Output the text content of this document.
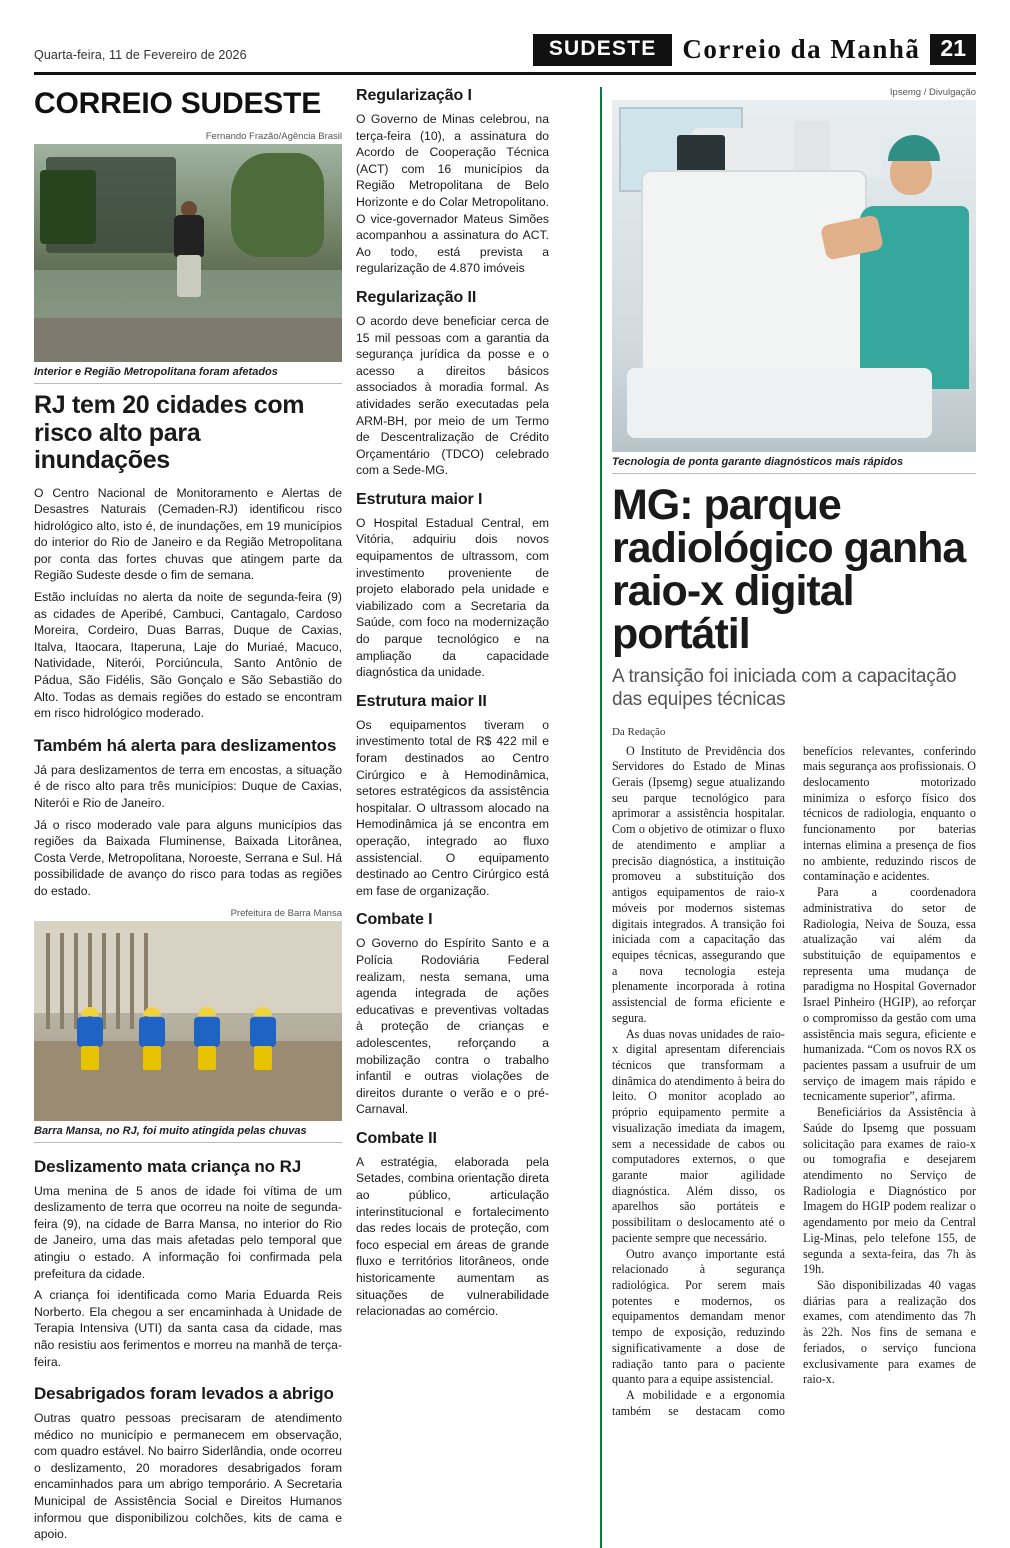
Quarta-feira, 11 de Fevereiro de 2026	SUDESTE Correio da Manhã 21
CORREIO SUDESTE
Fernando Frazão/Agência Brasil
Interior e Região Metropolitana foram afetados
RJ tem 20 cidades com risco alto para inundações

O Centro Nacional de Monitoramento e Alertas de Desastres Naturais (Cemaden-RJ) identificou risco hidrológico alto, isto é, de inundações, em 19 municípios do interior do Rio de Janeiro e da Região Metropolitana por conta das fortes chuvas que atingem parte da Região Sudeste desde o fim de semana.

Estão incluídas no alerta da noite de segunda-feira (9) as cidades de Aperibé, Cambuci, Cantagalo, Cardoso Moreira, Cordeiro, Duas Barras, Duque de Caxias, Italva, Itaocara, Itaperuna, Laje do Muriaé, Macuco, Natividade, Niterói, Porciúncula, Santo Antônio de Pádua, São Fidélis, São Gonçalo e São Sebastião do Alto. Todas as demais regiões do estado se encontram em risco hidrológico moderado.

Também há alerta para deslizamentos

Já para deslizamentos de terra em encostas, a situação é de risco alto para três municípios: Duque de Caxias, Niterói e Rio de Janeiro.

Já o risco moderado vale para alguns municípios das regiões da Baixada Fluminense, Baixada Litorânea, Costa Verde, Metropolitana, Noroeste, Serrana e Sul. Há possibilidade de avanço do risco para todas as regiões do estado.

Prefeitura de Barra Mansa
Barra Mansa, no RJ, foi muito atingida pelas chuvas
Deslizamento mata criança no RJ

Uma menina de 5 anos de idade foi vítima de um deslizamento de terra que ocorreu na noite de segunda-feira (9), na cidade de Barra Mansa, no interior do Rio de Janeiro, uma das mais afetadas pelo temporal que atingiu o estado. A informação foi confirmada pela prefeitura da cidade.

A criança foi identificada como Maria Eduarda Reis Norberto. Ela chegou a ser encaminhada à Unidade de Terapia Intensiva (UTI) da santa casa da cidade, mas não resistiu aos ferimentos e morreu na manhã de terça-feira.

Desabrigados foram levados a abrigo

Outras quatro pessoas precisaram de atendimento médico no município e permanecem em observação, com quadro estável. No bairro Siderlândia, onde ocorreu o deslizamento, 20 moradores desabrigados foram encaminhados para um abrigo temporário. A Secretaria Municipal de Assistência Social e Direitos Humanos informou que disponibilizou colchões, kits de cama e apoio.

Regularização I

O Governo de Minas celebrou, na terça-feira (10), a assinatura do Acordo de Cooperação Técnica (ACT) com 16 municípios da Região Metropolitana de Belo Horizonte e do Colar Metropolitano. O vice-governador Mateus Simões acompanhou a assinatura do ACT. Ao todo, está prevista a regularização de 4.870 imóveis

Regularização II

O acordo deve beneficiar cerca de 15 mil pessoas com a garantia da segurança jurídica da posse e o acesso a direitos básicos associados à moradia formal. As atividades serão executadas pela ARM-BH, por meio de um Termo de Descentralização de Crédito Orçamentário (TDCO) celebrado com a Sede-MG.

Estrutura maior I

O Hospital Estadual Central, em Vitória, adquiriu dois novos equipamentos de ultrassom, com investimento proveniente de projeto elaborado pela unidade e viabilizado com a Secretaria da Saúde, com foco na modernização do parque tecnológico e na ampliação da capacidade diagnóstica da unidade.

Estrutura maior II

Os equipamentos tiveram o investimento total de R$ 422 mil e foram destinados ao Centro Cirúrgico e à Hemodinâmica, setores estratégicos da assistência hospitalar. O ultrassom alocado na Hemodinâmica já se encontra em operação, integrado ao fluxo assistencial. O equipamento destinado ao Centro Cirúrgico está em fase de organização.

Combate I

O Governo do Espírito Santo e a Polícia Rodoviária Federal realizam, nesta semana, uma agenda integrada de ações educativas e preventivas voltadas à proteção de crianças e adolescentes, reforçando a mobilização contra o trabalho infantil e outras violações de direitos durante o verão e o pré-Carnaval.

Combate II

A estratégia, elaborada pela Setades, combina orientação direta ao público, articulação interinstitucional e fortalecimento das redes locais de proteção, com foco especial em áreas de grande fluxo e territórios litorâneos, onde historicamente aumentam as situações de vulnerabilidade relacionadas ao comércio.

Ipsemg / Divulgação
Tecnologia de ponta garante diagnósticos mais rápidos
MG: parque radiológico ganha raio-x digital portátil
A transição foi iniciada com a capacitação das equipes técnicas
Da Redação

O Instituto de Previdência dos Servidores do Estado de Minas Gerais (Ipsemg) segue atualizando seu parque tecnológico para aprimorar a assistência hospitalar. Com o objetivo de otimizar o fluxo de atendimento e ampliar a precisão diagnóstica, a instituição promoveu a substituição dos antigos equipamentos de raio-x móveis por modernos sistemas digitais integrados. A transição foi iniciada com a capacitação das equipes técnicas, assegurando que a nova tecnologia esteja plenamente incorporada à rotina assistencial de forma eficiente e segura.

As duas novas unidades de raio-x digital apresentam diferenciais técnicos que transformam a dinâmica do atendimento à beira do leito. O monitor acoplado ao próprio equipamento permite a visualização imediata da imagem, sem a necessidade de cabos ou computadores externos, o que garante maior agilidade diagnóstica. Além disso, os aparelhos são portáteis e possibilitam o deslocamento até o paciente sempre que necessário.

Outro avanço importante está relacionado à segurança radiológica. Por serem mais potentes e modernos, os equipamentos demandam menor tempo de exposição, reduzindo significativamente a dose de radiação tanto para o paciente quanto para a equipe assistencial.

A mobilidade e a ergonomia também se destacam como benefícios relevantes, conferindo mais segurança aos profissionais. O deslocamento motorizado minimiza o esforço físico dos técnicos de radiologia, enquanto o funcionamento por baterias internas elimina a presença de fios no ambiente, reduzindo riscos de contaminação e acidentes.

Para a coordenadora administrativa do setor de Radiologia, Neiva de Souza, essa atualização vai além da substituição de equipamentos e representa uma mudança de paradigma no Hospital Governador Israel Pinheiro (HGIP), ao reforçar o compromisso da gestão com uma assistência mais segura, eficiente e humanizada. “Com os novos RX os pacientes passam a usufruir de um serviço de imagem mais rápido e tecnicamente superior”, afirma.

Beneficiários da Assistência à Saúde do Ipsemg que possuam solicitação para exames de raio-x ou tomografia e desejarem atendimento no Serviço de Radiologia e Diagnóstico por Imagem do HGIP podem realizar o agendamento por meio da Central Lig-Minas, pelo telefone 155, de segunda a sexta-feira, das 7h às 19h.

São disponibilizadas 40 vagas diárias para a realização dos exames, com atendimento das 7h às 22h. Nos fins de semana e feriados, o serviço funciona exclusivamente para exames de raio-x.
